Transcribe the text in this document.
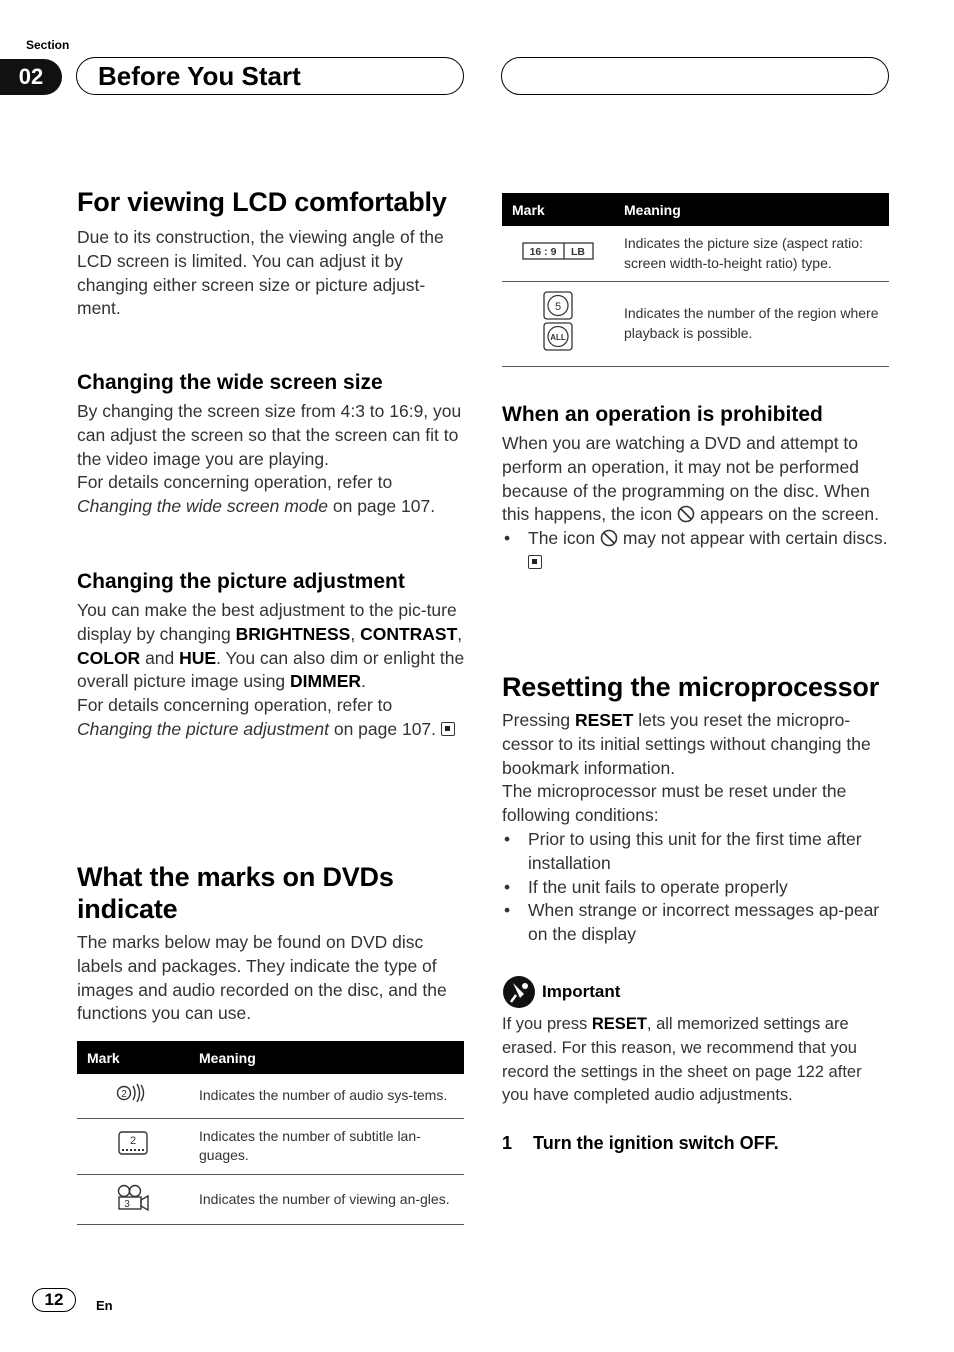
Section
02	Before You Start
For viewing LCD comfortably
Due to its construction, the viewing angle of the LCD screen is limited. You can adjust it by changing either screen size or picture adjust-ment.
Changing the wide screen size
By changing the screen size from 4:3 to 16:9, you can adjust the screen so that the screen can fit to the video image you are playing.
For details concerning operation, refer to Changing the wide screen mode on page 107.
Changing the picture adjustment
You can make the best adjustment to the pic-ture display by changing BRIGHTNESS, CONTRAST, COLOR and HUE. You can also dim or enlight the overall picture image using DIMMER.
For details concerning operation, refer to Changing the picture adjustment on page 107.
What the marks on DVDs indicate
The marks below may be found on DVD disc labels and packages. They indicate the type of images and audio recorded on the disc, and the functions you can use.
Mark	Meaning

2	Indicates the number of audio sys-tems.

2	Indicates the number of subtitle lan-guages.

3	Indicates the number of viewing an-gles.
Mark	Meaning

16 : 9 LB	Indicates the picture size (aspect ratio: screen width-to-height ratio) type.

5
ALL	Indicates the number of the region where playback is possible.
When an operation is prohibited
When you are watching a DVD and attempt to perform an operation, it may not be performed because of the programming on the disc. When this happens, the icon appears on the screen.
• The icon may not appear with certain discs.
Resetting the microprocessor
Pressing RESET lets you reset the micropro-cessor to its initial settings without changing the bookmark information.
The microprocessor must be reset under the following conditions:
• Prior to using this unit for the first time after installation
• If the unit fails to operate properly
• When strange or incorrect messages ap-pear on the display
Important
If you press RESET, all memorized settings are erased. For this reason, we recommend that you record the settings in the sheet on page 122 after you have completed audio adjustments.
1 Turn the ignition switch OFF.
12	En
